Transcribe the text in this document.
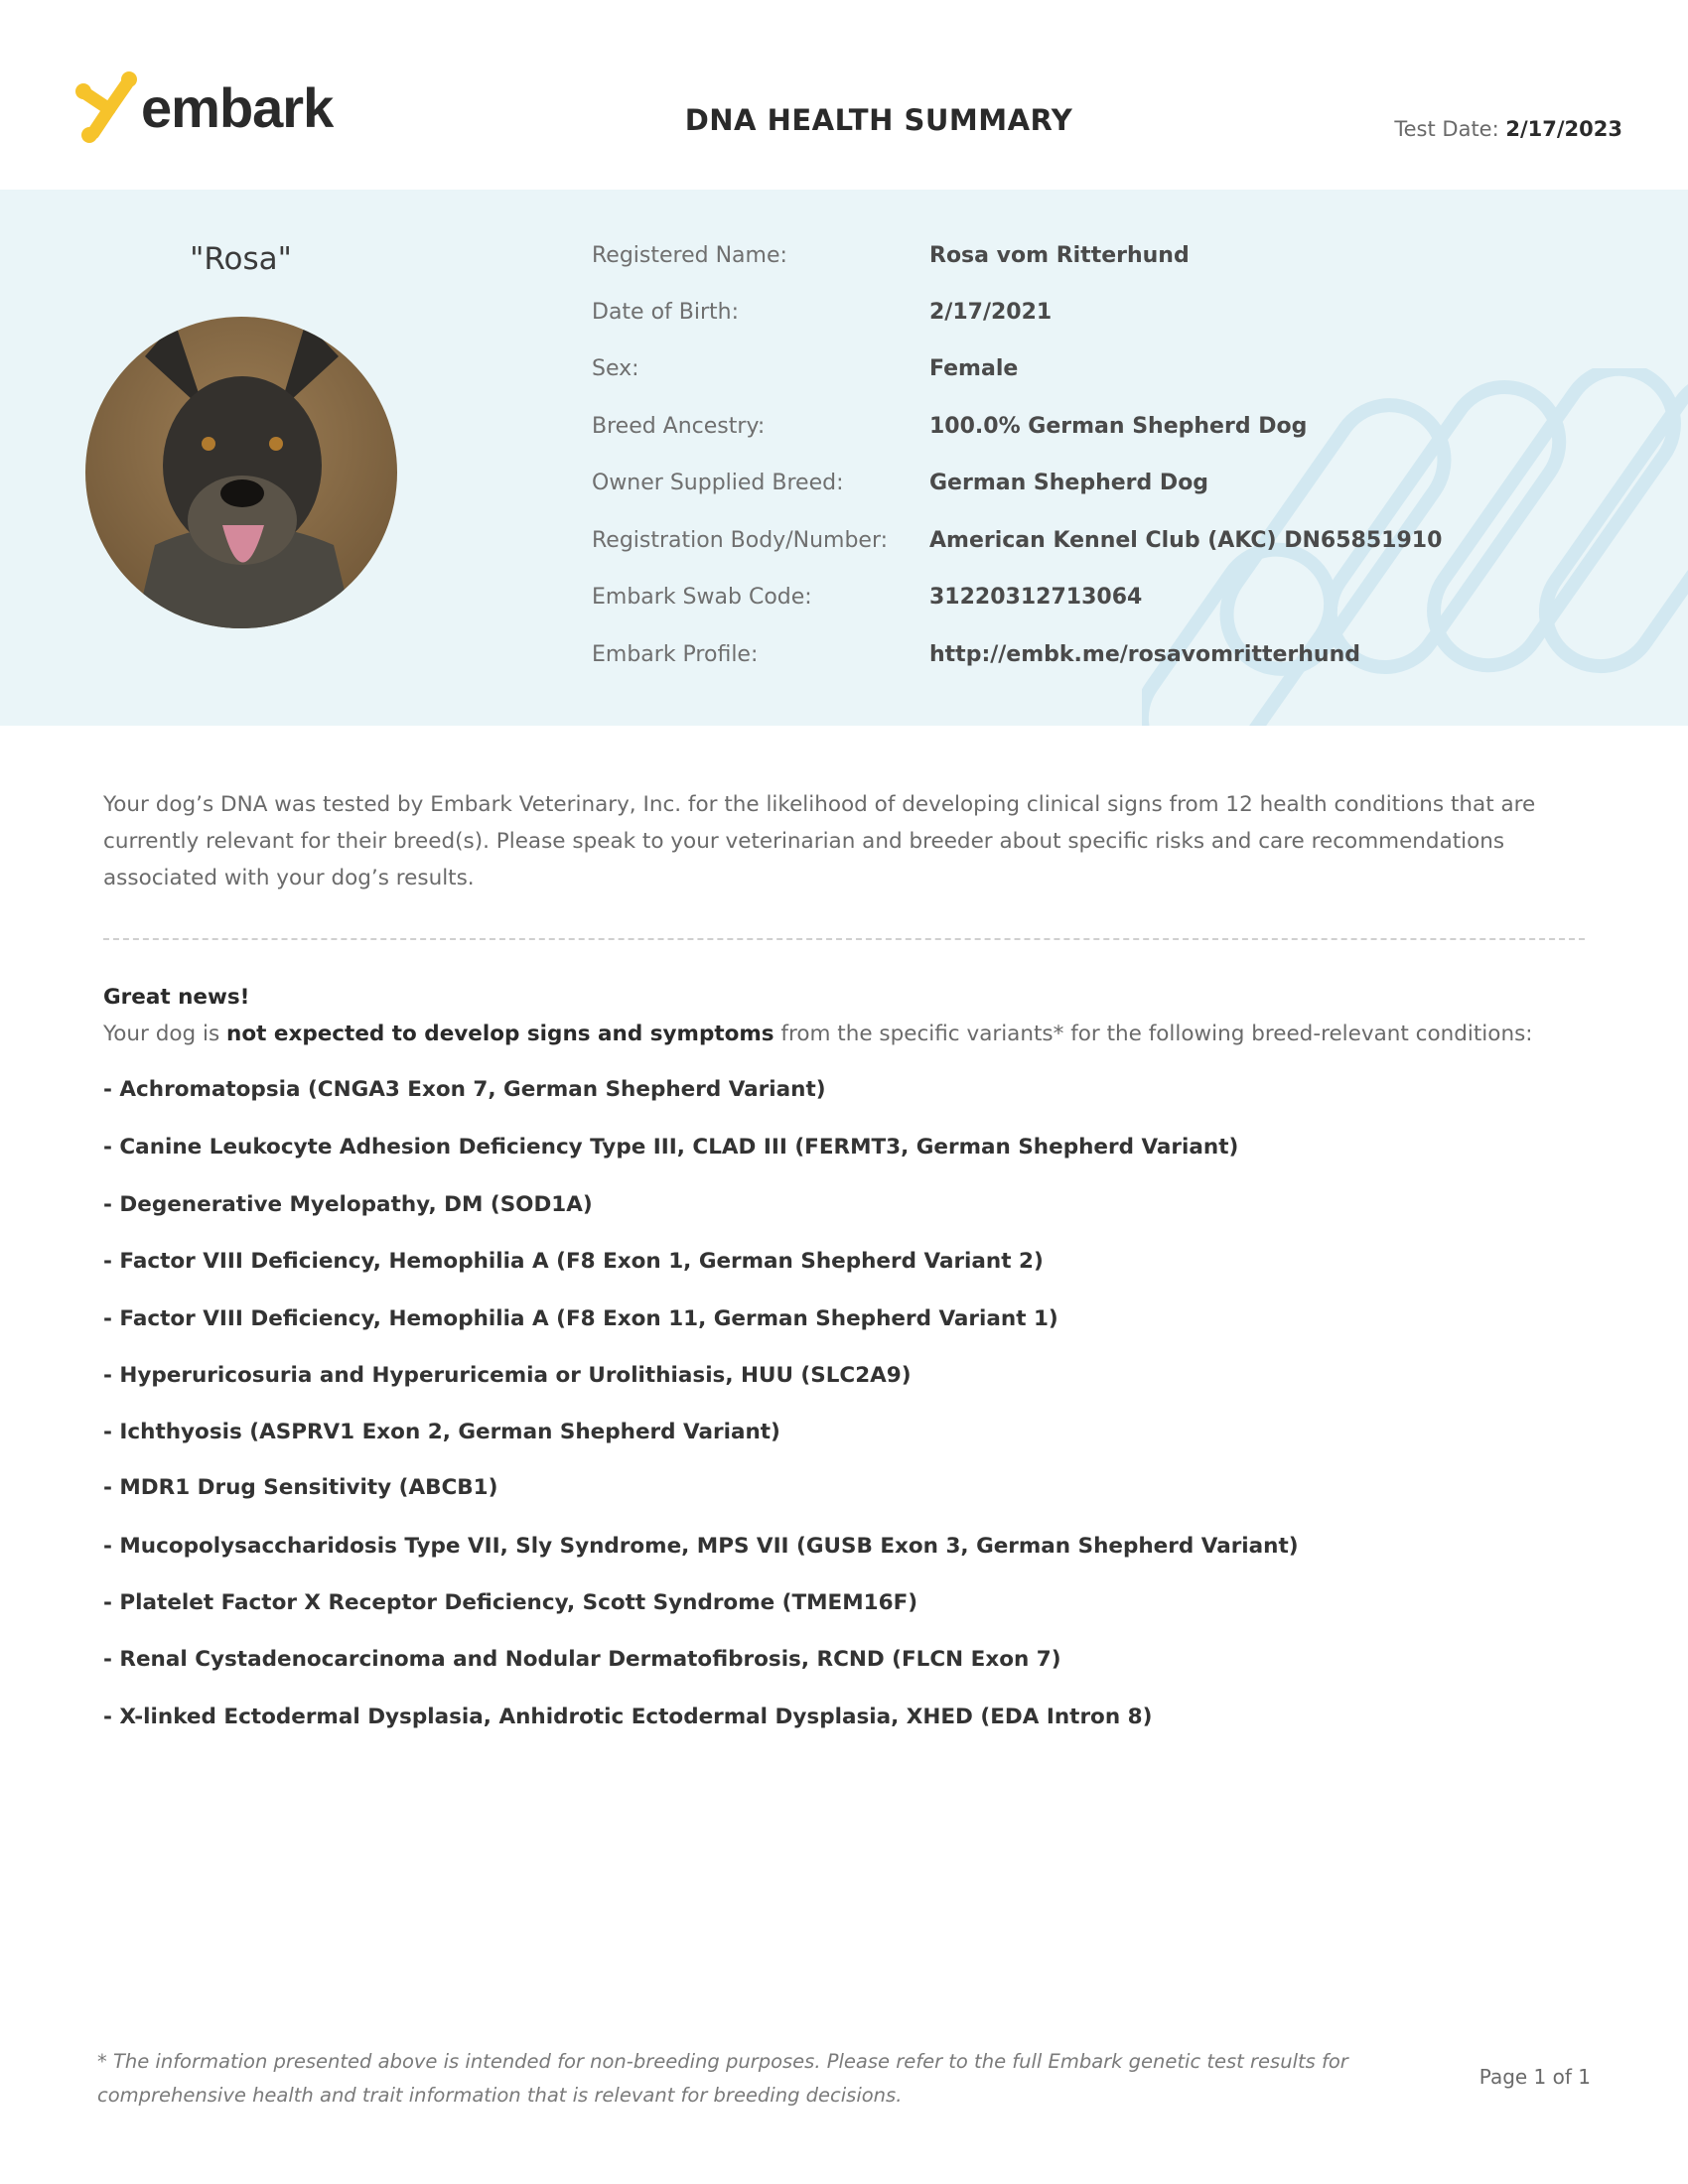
embark	DNA HEALTH SUMMARY	Test Date: 2/17/2023
"Rosa"	Registered Name:	Rosa vom Ritterhund
Date of Birth:	2/17/2021
Sex:	Female
Breed Ancestry:	100.0% German Shepherd Dog
Owner Supplied Breed:	German Shepherd Dog
Registration Body/Number: American Kennel Club (AKC) DN65851910
Embark Swab Code:	31220312713064
Embark Profile:	http://embk.me/rosavomritterhund
Your dog’s DNA was tested by Embark Veterinary, Inc. for the likelihood of developing clinical signs from 12 health conditions that are currently relevant for their breed(s). Please speak to your veterinarian and breeder about specific risks and care recommendations associated with your dog’s results.
Great news!
Your dog is not expected to develop signs and symptoms from the specific variants* for the following breed-relevant conditions:
- Achromatopsia (CNGA3 Exon 7, German Shepherd Variant)
- Canine Leukocyte Adhesion Deficiency Type III, CLAD III (FERMT3, German Shepherd Variant)
- Degenerative Myelopathy, DM (SOD1A)
- Factor VIII Deficiency, Hemophilia A (F8 Exon 1, German Shepherd Variant 2)
- Factor VIII Deficiency, Hemophilia A (F8 Exon 11, German Shepherd Variant 1)
- Hyperuricosuria and Hyperuricemia or Urolithiasis, HUU (SLC2A9)
- Ichthyosis (ASPRV1 Exon 2, German Shepherd Variant)
- MDR1 Drug Sensitivity (ABCB1)
- Mucopolysaccharidosis Type VII, Sly Syndrome, MPS VII (GUSB Exon 3, German Shepherd Variant)
- Platelet Factor X Receptor Deficiency, Scott Syndrome (TMEM16F)
- Renal Cystadenocarcinoma and Nodular Dermatofibrosis, RCND (FLCN Exon 7)
- X-linked Ectodermal Dysplasia, Anhidrotic Ectodermal Dysplasia, XHED (EDA Intron 8)
* The information presented above is intended for non-breeding purposes. Please refer to the full Embark genetic test results for comprehensive health and trait information that is relevant for breeding decisions.
Page 1 of 1
